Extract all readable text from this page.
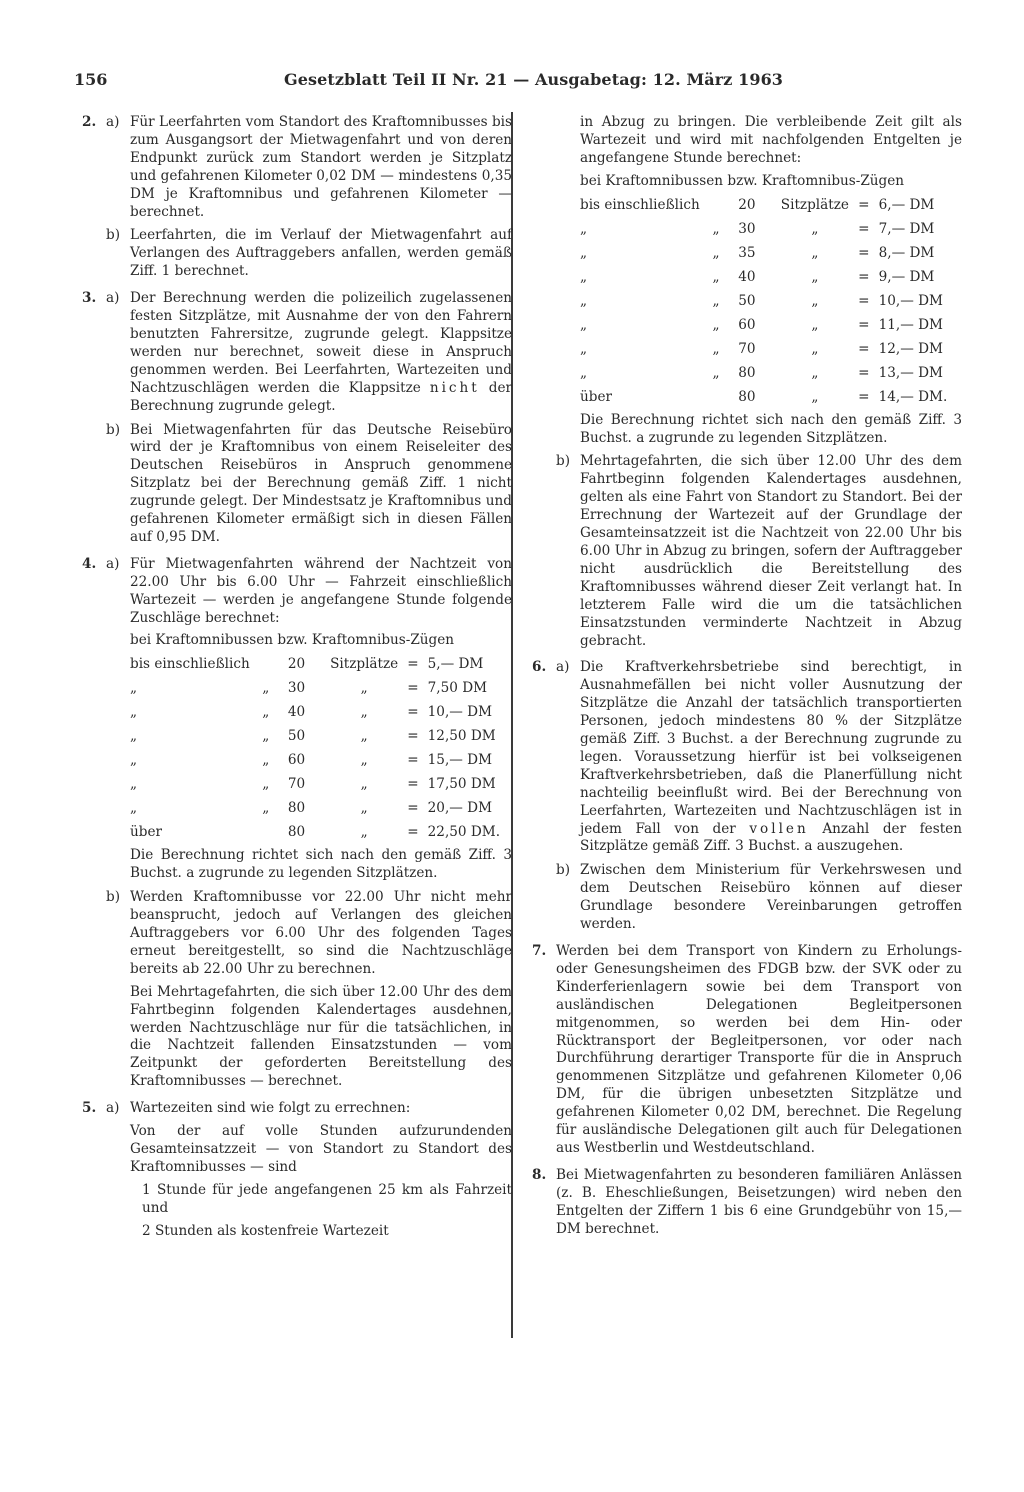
156	Gesetzblatt Teil II Nr. 21 — Ausgabetag: 12. März 1963
2. a) Für Leerfahrten vom Standort des Kraftomnibusses bis zum Ausgangsort der Mietwagenfahrt und von deren Endpunkt zurück zum Standort werden je Sitzplatz und gefahrenen Kilometer 0,02 DM — mindestens 0,35 DM je Kraftomnibus und gefahrenen Kilometer — berechnet.

b) Leerfahrten, die im Verlauf der Mietwagenfahrt auf Verlangen des Auftraggebers anfallen, werden gemäß Ziff. 1 berechnet.

3. a) Der Berechnung werden die polizeilich zugelassenen festen Sitzplätze, mit Ausnahme der von den Fahrern benutzten Fahrersitze, zugrunde gelegt. Klappsitze werden nur berechnet, soweit diese in Anspruch genommen werden. Bei Leerfahrten, Wartezeiten und Nachtzuschlägen werden die Klappsitze nicht der Berechnung zugrunde gelegt.

b) Bei Mietwagenfahrten für das Deutsche Reisebüro wird der je Kraftomnibus von einem Reiseleiter des Deutschen Reisebüros in Anspruch genommene Sitzplatz bei der Berechnung gemäß Ziff. 1 nicht zugrunde gelegt. Der Mindestsatz je Kraftomnibus und gefahrenen Kilometer ermäßigt sich in diesen Fällen auf 0,95 DM.

4. a) Für Mietwagenfahrten während der Nachtzeit von 22.00 Uhr bis 6.00 Uhr — Fahrzeit einschließlich Wartezeit — werden je angefangene Stunde folgende Zuschläge berechnet:

bei Kraftomnibussen bzw. Kraftomnibus-Zügen

bis einschließlich		20	Sitzplätze	=	5,— DM
„	„	30	„	=	7,50 DM
„	„	40	„	=	10,— DM
„	„	50	„	=	12,50 DM
„	„	60	„	=	15,— DM
„	„	70	„	=	17,50 DM
„	„	80	„	=	20,— DM
über		80	„	=	22,50 DM.

Die Berechnung richtet sich nach den gemäß Ziff. 3 Buchst. a zugrunde zu legenden Sitzplätzen.

b) Werden Kraftomnibusse vor 22.00 Uhr nicht mehr beansprucht, jedoch auf Verlangen des gleichen Auftraggebers vor 6.00 Uhr des folgenden Tages erneut bereitgestellt, so sind die Nachtzuschläge bereits ab 22.00 Uhr zu berechnen.

Bei Mehrtagefahrten, die sich über 12.00 Uhr des dem Fahrtbeginn folgenden Kalendertages ausdehnen, werden Nachtzuschläge nur für die tatsächlichen, in die Nachtzeit fallenden Einsatzstunden — vom Zeitpunkt der geforderten Bereitstellung des Kraftomnibusses — berechnet.

5. a) Wartezeiten sind wie folgt zu errechnen:

Von der auf volle Stunden aufzurundenden Gesamteinsatzzeit — von Standort zu Standort des Kraftomnibusses — sind

1 Stunde für jede angefangenen 25 km als Fahrzeit und

2 Stunden als kostenfreie Wartezeit

in Abzug zu bringen. Die verbleibende Zeit gilt als Wartezeit und wird mit nachfolgenden Entgelten je angefangene Stunde berechnet:

bei Kraftomnibussen bzw. Kraftomnibus-Zügen

bis einschließlich		20	Sitzplätze	=	6,— DM
„	„	30	„	=	7,— DM
„	„	35	„	=	8,— DM
„	„	40	„	=	9,— DM
„	„	50	„	=	10,— DM
„	„	60	„	=	11,— DM
„	„	70	„	=	12,— DM
„	„	80	„	=	13,— DM
über		80	„	=	14,— DM.

Die Berechnung richtet sich nach den gemäß Ziff. 3 Buchst. a zugrunde zu legenden Sitzplätzen.

b) Mehrtagefahrten, die sich über 12.00 Uhr des dem Fahrtbeginn folgenden Kalendertages ausdehnen, gelten als eine Fahrt von Standort zu Standort. Bei der Errechnung der Wartezeit auf der Grundlage der Gesamteinsatzzeit ist die Nachtzeit von 22.00 Uhr bis 6.00 Uhr in Abzug zu bringen, sofern der Auftraggeber nicht ausdrücklich die Bereitstellung des Kraftomnibusses während dieser Zeit verlangt hat. In letzterem Falle wird die um die tatsächlichen Einsatzstunden verminderte Nachtzeit in Abzug gebracht.

6. a) Die Kraftverkehrsbetriebe sind berechtigt, in Ausnahmefällen bei nicht voller Ausnutzung der Sitzplätze die Anzahl der tatsächlich transportierten Personen, jedoch mindestens 80 % der Sitzplätze gemäß Ziff. 3 Buchst. a der Berechnung zugrunde zu legen. Voraussetzung hierfür ist bei volkseigenen Kraftverkehrsbetrieben, daß die Planerfüllung nicht nachteilig beeinflußt wird. Bei der Berechnung von Leerfahrten, Wartezeiten und Nachtzuschlägen ist in jedem Fall von der vollen Anzahl der festen Sitzplätze gemäß Ziff. 3 Buchst. a auszugehen.

b) Zwischen dem Ministerium für Verkehrswesen und dem Deutschen Reisebüro können auf dieser Grundlage besondere Vereinbarungen getroffen werden.

7. Werden bei dem Transport von Kindern zu Erholungs- oder Genesungsheimen des FDGB bzw. der SVK oder zu Kinderferienlagern sowie bei dem Transport von ausländischen Delegationen Begleitpersonen mitgenommen, so werden bei dem Hin- oder Rücktransport der Begleitpersonen, vor oder nach Durchführung derartiger Transporte für die in Anspruch genommenen Sitzplätze und gefahrenen Kilometer 0,06 DM, für die übrigen unbesetzten Sitzplätze und gefahrenen Kilometer 0,02 DM, berechnet. Die Regelung für ausländische Delegationen gilt auch für Delegationen aus Westberlin und Westdeutschland.

8. Bei Mietwagenfahrten zu besonderen familiären Anlässen (z. B. Eheschließungen, Beisetzungen) wird neben den Entgelten der Ziffern 1 bis 6 eine Grundgebühr von 15,— DM berechnet.
